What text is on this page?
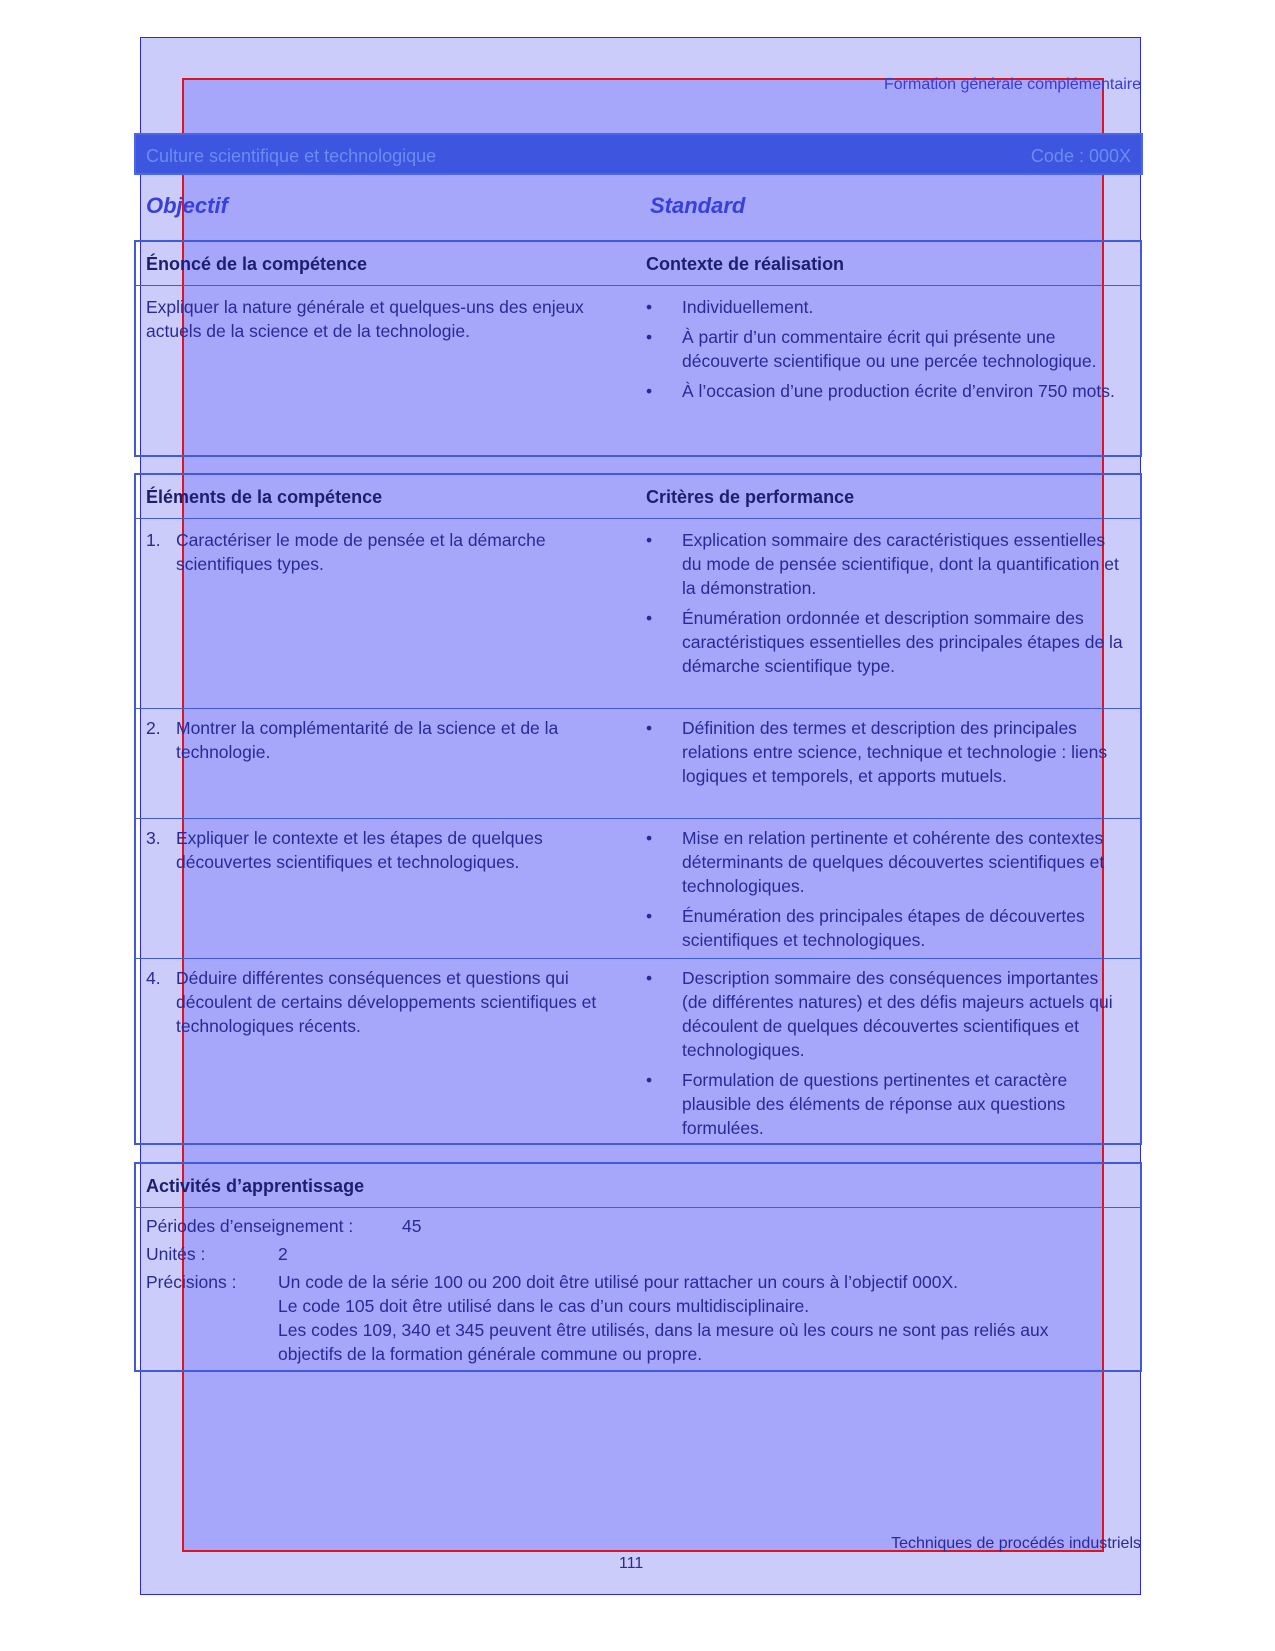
Formation générale complémentaire
Culture scientifique et technologique	Code : 000X
Objectif	Standard
Énoncé de la compétence	Contexte de réalisation
Expliquer la nature générale et quelques-uns des enjeux actuels de la science et de la technologie.
• Individuellement.
• À partir d’un commentaire écrit qui présente une découverte scientifique ou une percée technologique.
• À l’occasion d’une production écrite d’environ 750 mots.
Éléments de la compétence	Critères de performance
1. Caractériser le mode de pensée et la démarche scientifiques types.
• Explication sommaire des caractéristiques essentielles du mode de pensée scientifique, dont la quantification et la démonstration.
• Énumération ordonnée et description sommaire des caractéristiques essentielles des principales étapes de la démarche scientifique type.
2. Montrer la complémentarité de la science et de la technologie.
• Définition des termes et description des principales relations entre science, technique et technologie : liens logiques et temporels, et apports mutuels.
3. Expliquer le contexte et les étapes de quelques découvertes scientifiques et technologiques.
• Mise en relation pertinente et cohérente des contextes déterminants de quelques découvertes scientifiques et technologiques.
• Énumération des principales étapes de découvertes scientifiques et technologiques.
4. Déduire différentes conséquences et questions qui découlent de certains développements scientifiques et technologiques récents.
• Description sommaire des conséquences importantes (de différentes natures) et des défis majeurs actuels qui découlent de quelques découvertes scientifiques et technologiques.
• Formulation de questions pertinentes et caractère plausible des éléments de réponse aux questions formulées.
Activités d’apprentissage
Périodes d’enseignement :	45
Unités :	2
Précisions : Un code de la série 100 ou 200 doit être utilisé pour rattacher un cours à l’objectif 000X.
Le code 105 doit être utilisé dans le cas d’un cours multidisciplinaire.
Les codes 109, 340 et 345 peuvent être utilisés, dans la mesure où les cours ne sont pas reliés aux objectifs de la formation générale commune ou propre.
Techniques de procédés industriels
111
